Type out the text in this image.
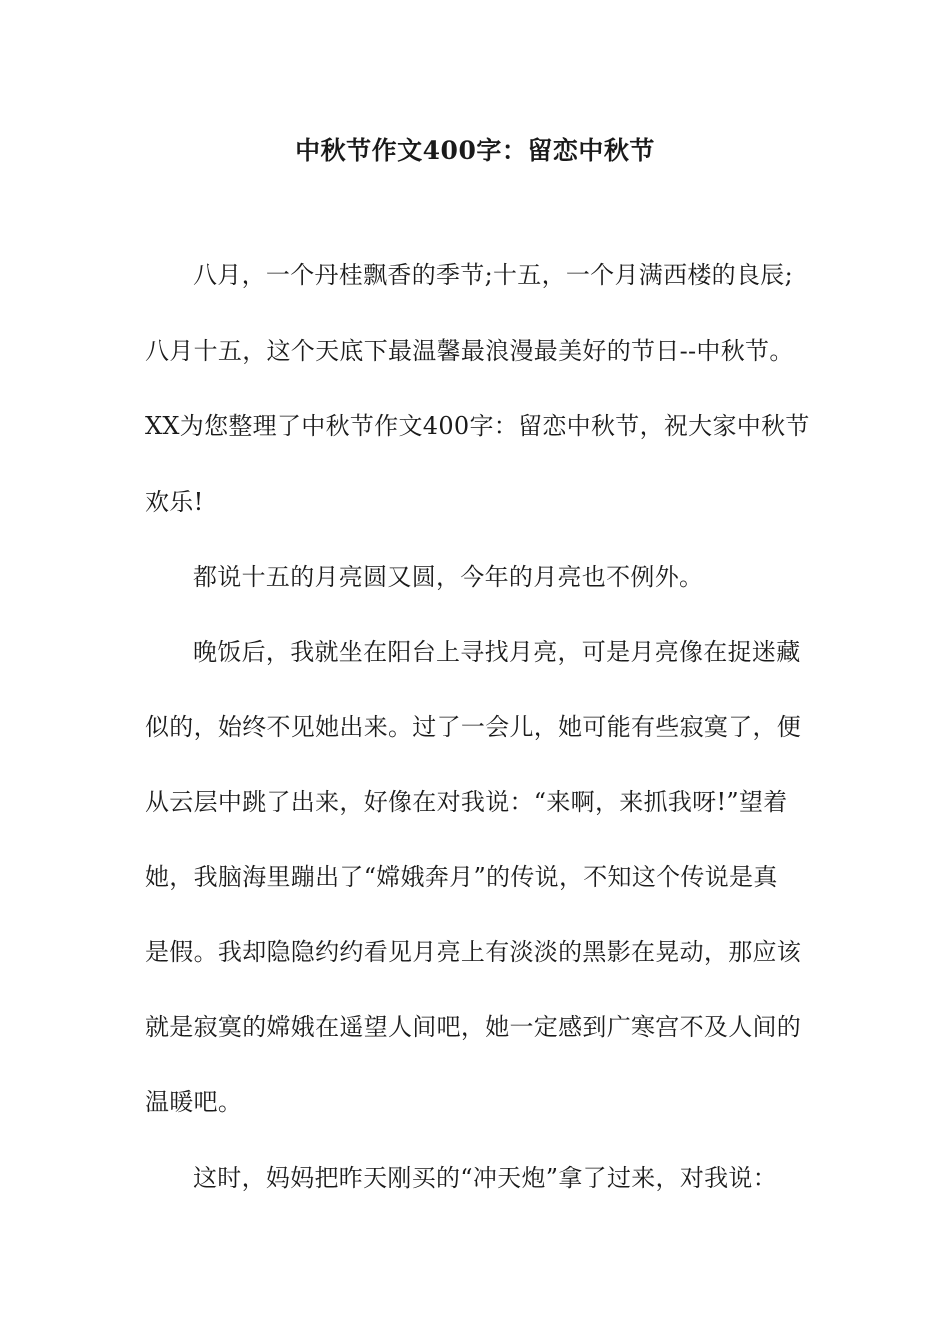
中秋节作文400字：留恋中秋节
八月，一个丹桂飘香的季节;十五，一个月满西楼的良辰;
八月十五，这个天底下最温馨最浪漫最美好的节日--中秋节。
XX为您整理了中秋节作文400字：留恋中秋节，祝大家中秋节
欢乐!
都说十五的月亮圆又圆，今年的月亮也不例外。
晚饭后，我就坐在阳台上寻找月亮，可是月亮像在捉迷藏
似的，始终不见她出来。过了一会儿，她可能有些寂寞了，便
从云层中跳了出来，好像在对我说：“来啊，来抓我呀!”望着
她，我脑海里蹦出了“嫦娥奔月”的传说，不知这个传说是真
是假。我却隐隐约约看见月亮上有淡淡的黑影在晃动，那应该
就是寂寞的嫦娥在遥望人间吧，她一定感到广寒宫不及人间的
温暖吧。
这时，妈妈把昨天刚买的“冲天炮”拿了过来，对我说：
